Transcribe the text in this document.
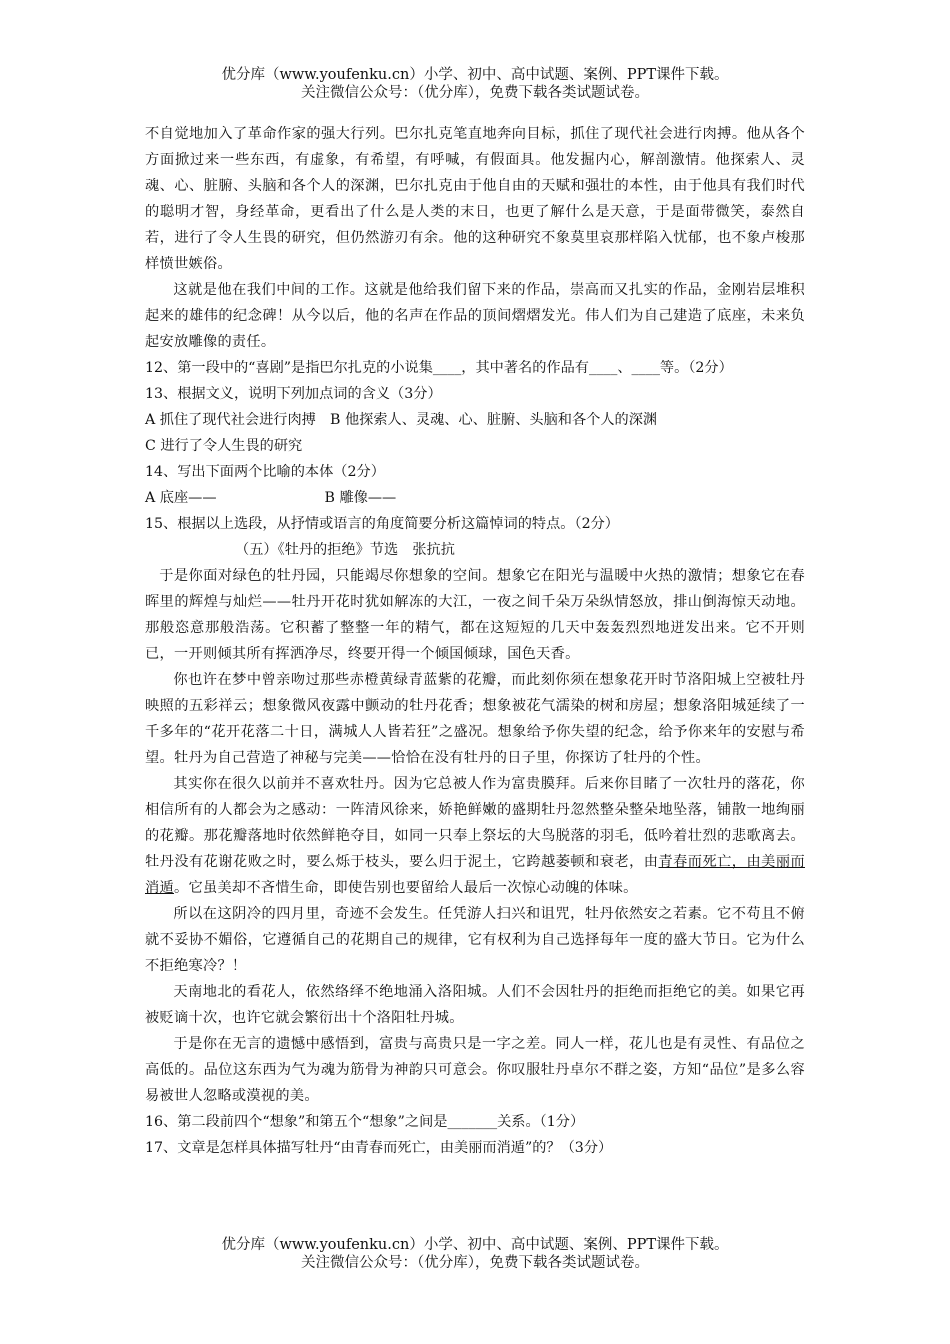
优分库（www.youfenku.cn）小学、初中、高中试题、案例、PPT课件下载。
关注微信公众号：（优分库），免费下载各类试题试卷。

不自觉地加入了革命作家的强大行列。巴尔扎克笔直地奔向目标，抓住了现代社会进行肉搏。他从各个方面掀过来一些东西，有虚象，有希望，有呼喊，有假面具。他发掘内心，解剖激情。他探索人、灵魂、心、脏腑、头脑和各个人的深渊，巴尔扎克由于他自由的天赋和强壮的本性，由于他具有我们时代的聪明才智，身经革命，更看出了什么是人类的末日，也更了解什么是天意，于是面带微笑，泰然自若，进行了令人生畏的研究，但仍然游刃有余。他的这种研究不象莫里哀那样陷入忧郁，也不象卢梭那样愤世嫉俗。

这就是他在我们中间的工作。这就是他给我们留下来的作品，崇高而又扎实的作品，金刚岩层堆积起来的雄伟的纪念碑！从今以后，他的名声在作品的顶间熠熠发光。伟人们为自己建造了底座，未来负起安放雕像的责任。

12、第一段中的“喜剧”是指巴尔扎克的小说集____，其中著名的作品有____、____等。（2分）

13、根据文义，说明下列加点词的含义（3分）

A 抓住了现代社会进行肉搏　 B 他探索人、灵魂、心、脏腑、头脑和各个人的深渊

C 进行了令人生畏的研究

14、写出下面两个比喻的本体（2分）

A 底座——	B 雕像——

15、根据以上选段，从抒情或语言的角度简要分析这篇悼词的特点。（2分）

（五）《牡丹的拒绝》节选　张抗抗

于是你面对绿色的牡丹园，只能竭尽你想象的空间。想象它在阳光与温暖中火热的激情；想象它在春晖里的辉煌与灿烂——牡丹开花时犹如解冻的大江，一夜之间千朵万朵纵情怒放，排山倒海惊天动地。那般恣意那般浩荡。它积蓄了整整一年的精气，都在这短短的几天中轰轰烈烈地迸发出来。它不开则已，一开则倾其所有挥洒净尽，终要开得一个倾国倾球，国色天香。

你也许在梦中曾亲吻过那些赤橙黄绿青蓝紫的花瓣，而此刻你须在想象花开时节洛阳城上空被牡丹映照的五彩祥云；想象微风夜露中颤动的牡丹花香；想象被花气濡染的树和房屋；想象洛阳城延续了一千多年的“花开花落二十日，满城人人皆若狂”之盛况。想象给予你失望的纪念，给予你来年的安慰与希望。牡丹为自己营造了神秘与完美——恰恰在没有牡丹的日子里，你探访了牡丹的个性。

其实你在很久以前并不喜欢牡丹。因为它总被人作为富贵膜拜。后来你目睹了一次牡丹的落花，你相信所有的人都会为之感动：一阵清风徐来，娇艳鲜嫩的盛期牡丹忽然整朵整朵地坠落，铺散一地绚丽的花瓣。那花瓣落地时依然鲜艳夺目，如同一只奉上祭坛的大鸟脱落的羽毛，低吟着壮烈的悲歌离去。牡丹没有花谢花败之时，要么烁于枝头，要么归于泥土，它跨越萎顿和衰老，由青春而死亡，由美丽而消遁。它虽美却不吝惜生命，即使告别也要留给人最后一次惊心动魄的体味。

所以在这阴冷的四月里，奇迹不会发生。任凭游人扫兴和诅咒，牡丹依然安之若素。它不苟且不俯就不妥协不媚俗，它遵循自己的花期自己的规律，它有权利为自己选择每年一度的盛大节日。它为什么不拒绝寒冷？！

天南地北的看花人，依然络绎不绝地涌入洛阳城。人们不会因牡丹的拒绝而拒绝它的美。如果它再被贬谪十次，也许它就会繁衍出十个洛阳牡丹城。

于是你在无言的遗憾中感悟到，富贵与高贵只是一字之差。同人一样，花儿也是有灵性、有品位之高低的。品位这东西为气为魂为筋骨为神韵只可意会。你叹服牡丹卓尔不群之姿，方知“品位”是多么容易被世人忽略或漠视的美。

16、第二段前四个“想象”和第五个“想象”之间是_______关系。（1分）

17、文章是怎样具体描写牡丹“由青春而死亡，由美丽而消遁”的？（3分）

优分库（www.youfenku.cn）小学、初中、高中试题、案例、PPT课件下载。
关注微信公众号：（优分库），免费下载各类试题试卷。
